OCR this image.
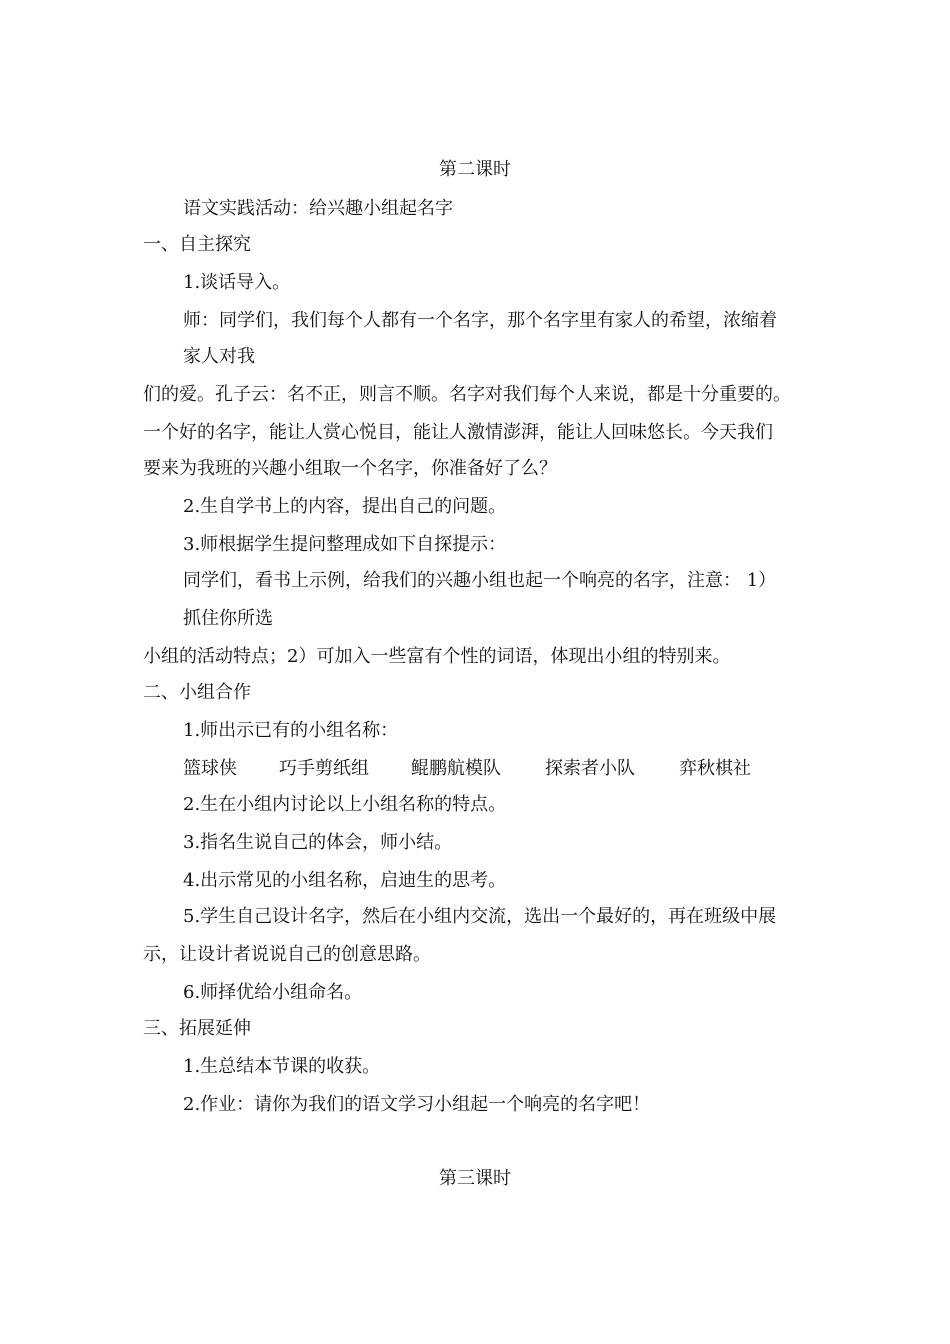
第二课时
语文实践活动：给兴趣小组起名字
一、自主探究
1.谈话导入。
师：同学们，我们每个人都有一个名字，那个名字里有家人的希望，浓缩着
家人对我
们的爱。孔子云：名不正，则言不顺。名字对我们每个人来说，都是十分重要的。
一个好的名字，能让人赏心悦目，能让人激情澎湃，能让人回味悠长。今天我们
要来为我班的兴趣小组取一个名字，你准备好了么？
2.生自学书上的内容，提出自己的问题。
3.师根据学生提问整理成如下自探提示：
同学们，看书上示例，给我们的兴趣小组也起一个响亮的名字，注意： 1）
抓住你所选
小组的活动特点；2）可加入一些富有个性的词语，体现出小组的特别来。
二、小组合作
1.师出示已有的小组名称：
篮球侠 巧手剪纸组 鲲鹏航模队 探索者小队 弈秋棋社
2.生在小组内讨论以上小组名称的特点。
3.指名生说自己的体会，师小结。
4.出示常见的小组名称，启迪生的思考。
5.学生自己设计名字，然后在小组内交流，选出一个最好的，再在班级中展
示，让设计者说说自己的创意思路。
6.师择优给小组命名。
三、拓展延伸
1.生总结本节课的收获。
2.作业：请你为我们的语文学习小组起一个响亮的名字吧！
第三课时
